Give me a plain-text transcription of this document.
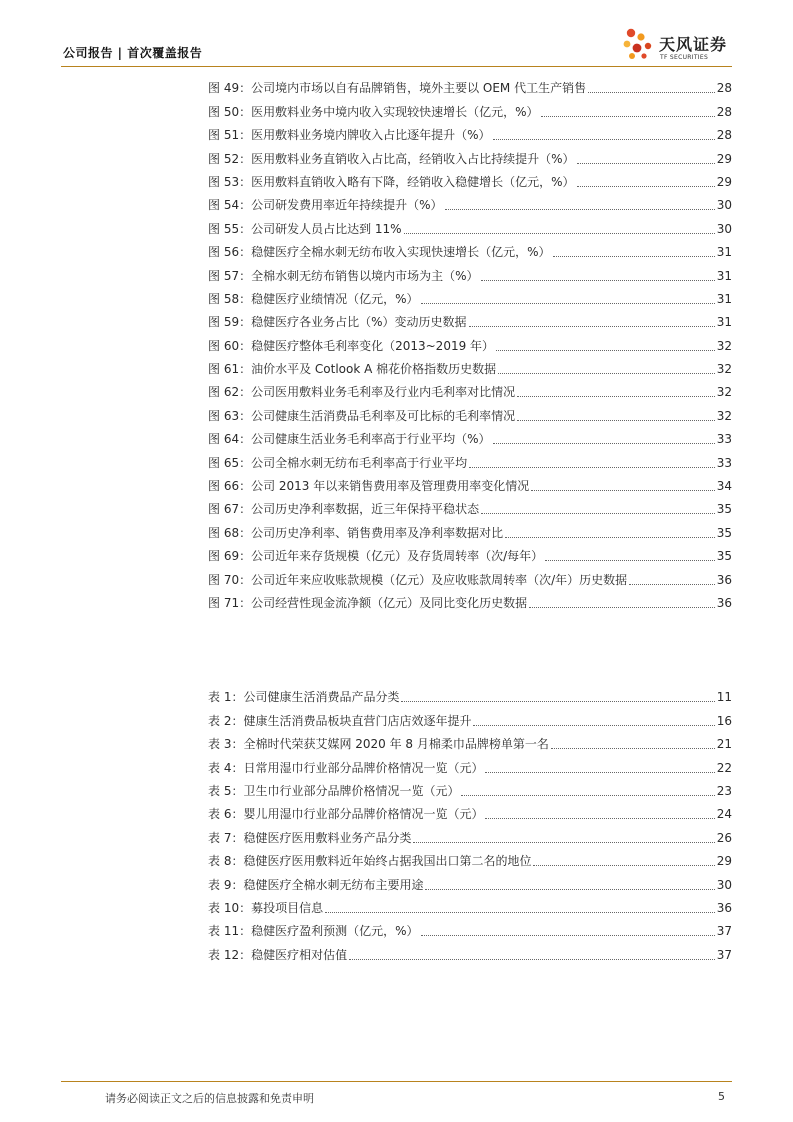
公司报告 | 首次覆盖报告	天风证券
TF SECURITIES
图 49：公司境内市场以自有品牌销售，境外主要以 OEM 代工生产销售	28
图 50：医用敷料业务中境内收入实现较快速增长（亿元，%）	28
图 51：医用敷料业务境内牌收入占比逐年提升（%）	28
图 52：医用敷料业务直销收入占比高，经销收入占比持续提升（%）	29
图 53：医用敷料直销收入略有下降，经销收入稳健增长（亿元，%）	29
图 54：公司研发费用率近年持续提升（%）	30
图 55：公司研发人员占比达到 11%	30
图 56：稳健医疗全棉水刺无纺布收入实现快速增长（亿元，%）	31
图 57：全棉水刺无纺布销售以境内市场为主（%）	31
图 58：稳健医疗业绩情况（亿元，%）	31
图 59：稳健医疗各业务占比（%）变动历史数据	31
图 60：稳健医疗整体毛利率变化（2013~2019 年）	32
图 61：油价水平及 Cotlook A 棉花价格指数历史数据	32
图 62：公司医用敷料业务毛利率及行业内毛利率对比情况	32
图 63：公司健康生活消费品毛利率及可比标的毛利率情况	32
图 64：公司健康生活业务毛利率高于行业平均（%）	33
图 65：公司全棉水刺无纺布毛利率高于行业平均	33
图 66：公司 2013 年以来销售费用率及管理费用率变化情况	34
图 67：公司历史净利率数据，近三年保持平稳状态	35
图 68：公司历史净利率、销售费用率及净利率数据对比	35
图 69：公司近年来存货规模（亿元）及存货周转率（次/每年）	35
图 70：公司近年来应收账款规模（亿元）及应收账款周转率（次/年）历史数据	36
图 71：公司经营性现金流净额（亿元）及同比变化历史数据	36
表 1：公司健康生活消费品产品分类	11
表 2：健康生活消费品板块直营门店店效逐年提升	16
表 3：全棉时代荣获艾媒网 2020 年 8 月棉柔巾品牌榜单第一名	21
表 4：日常用湿巾行业部分品牌价格情况一览（元）	22
表 5：卫生巾行业部分品牌价格情况一览（元）	23
表 6：婴儿用湿巾行业部分品牌价格情况一览（元）	24
表 7：稳健医疗医用敷料业务产品分类	26
表 8：稳健医疗医用敷料近年始终占据我国出口第二名的地位	29
表 9：稳健医疗全棉水刺无纺布主要用途	30
表 10：募投项目信息	36
表 11：稳健医疗盈利预测（亿元，%）	37
表 12：稳健医疗相对估值	37
请务必阅读正文之后的信息披露和免责申明	5
